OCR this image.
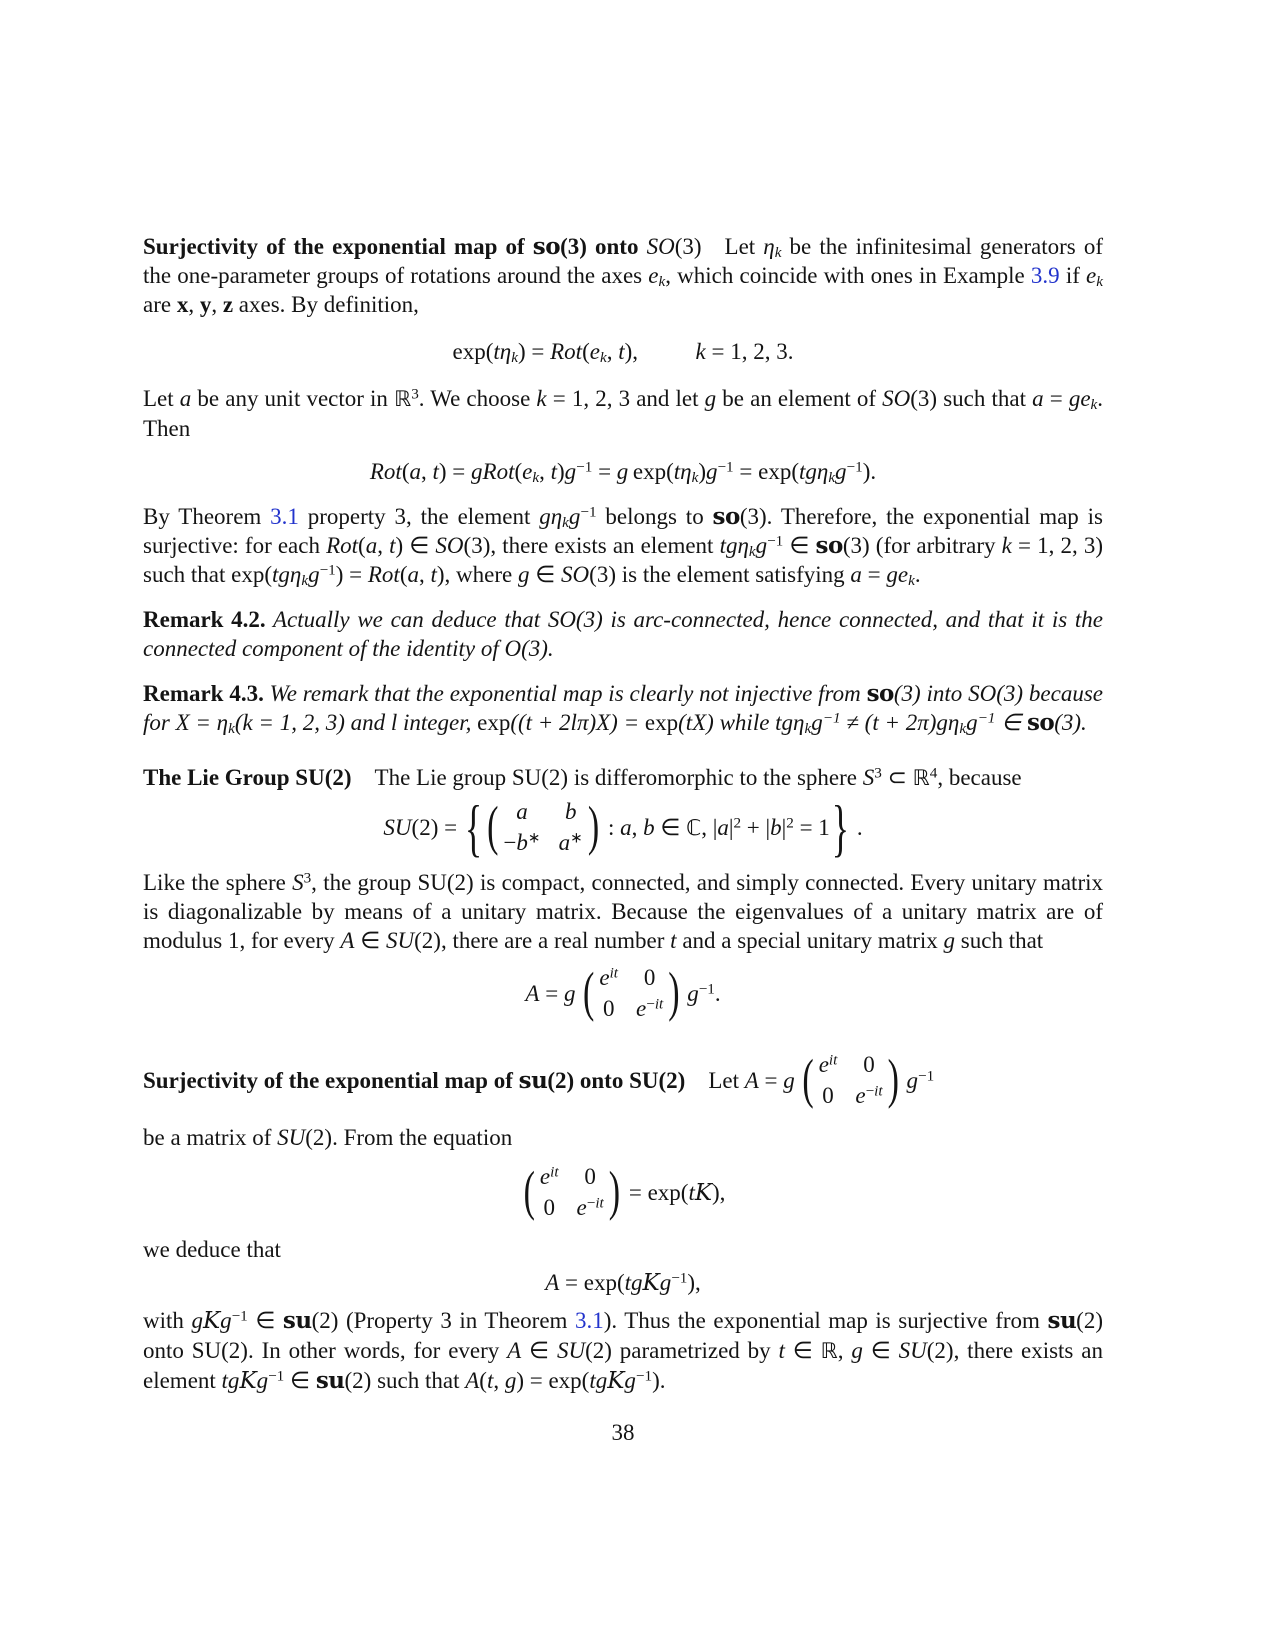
Surjectivity of the exponential map of so(3) onto SO(3) Let $\eta_k$ be the infinitesimal generators of the one-parameter groups of rotations around the axes $e_k$, which coincide with ones in Example 3.9 if $e_k$ are x, y, z axes. By definition,

$\exp(t\eta_k) = Rot(e_k$, t),   k = 1, 2, 3.

Let a be any unit vector in ℝ$^3$. We choose k = 1, 2, 3 and let g be an element of SO(3) such that $a = ge_k$. Then

Rot(a, $t) = gRot(e_k$, $t)g^{-1} = g$ $\exp(t\eta_k)g^{-1} = \exp(tg\eta_kg^{-1})$.

By Theorem 3.1 property 3, the element $g\eta_kg^{-1}$ belongs to so(3). Therefore, the exponential map is surjective: for each Rot(a, t) ∈ SO(3), there exists an element $tg\eta_kg^{-1}$ ∈ so(3) (for arbitrary k = 1, 2, 3) such that $\exp(tg\eta_kg^{-1}) = Rot(a$, t), where g ∈ SO(3) is the element satisfying $a = ge_k$.

Remark 4.2. Actually we can deduce that SO(3) is arc-connected, hence connected, and that it is the connected component of the identity of O(3).

Remark 4.3. We remark that the exponential map is clearly not injective from so(3) into SO(3) because for $X = \eta_k(k = 1$, 2, 3) and l integer, exp((t + 2lπ)X) = exp(tX) while $tg\eta_kg^{-1} \ne (t + 2\pi)g\eta_kg^{-1}$ ∈ so(3).

The Lie Group SU(2) The Lie group SU(2) is differomorphic to the sphere $S^3$ ⊂ ℝ$^4$, because

SU(2) = { ( a	b
−b∗ a∗ ) : a, b ∈ ℂ, $|a|^2 + |b|^2 = 1$ } .

Like the sphere $S^3$, the group SU(2) is compact, connected, and simply connected. Every unitary matrix is diagonalizable by means of a unitary matrix. Because the eigenvalues of a unitary matrix are of modulus 1, for every A ∈ SU(2), there are a real number t and a special unitary matrix g such that

A = g  ( $e^{it}$	0
0 $e^{-it}$ )
  $g^{-1}$.
Surjectivity of the exponential map of su(2) onto SU(2) Let A = g  ( $e^{it}$	0
0 $e^{-it}$ )
  $g^{-1}$

be a matrix of SU(2). From the equation

( $e^{it}$	0
0 $e^{-it}$ ) = exp(tK),

we deduce that

A = exp(tgKg$^{-1}$),

with gKg$^{-1}$ ∈ su(2) (Property 3 in Theorem 3.1). Thus the exponential map is surjective from su(2) onto SU(2). In other words, for every A ∈ SU(2) parametrized by t ∈ ℝ, g ∈ SU(2), there exists an element tgKg$^{-1}$ ∈ su(2) such that A(t, g) = exp(tgKg$^{-1}$).

38
